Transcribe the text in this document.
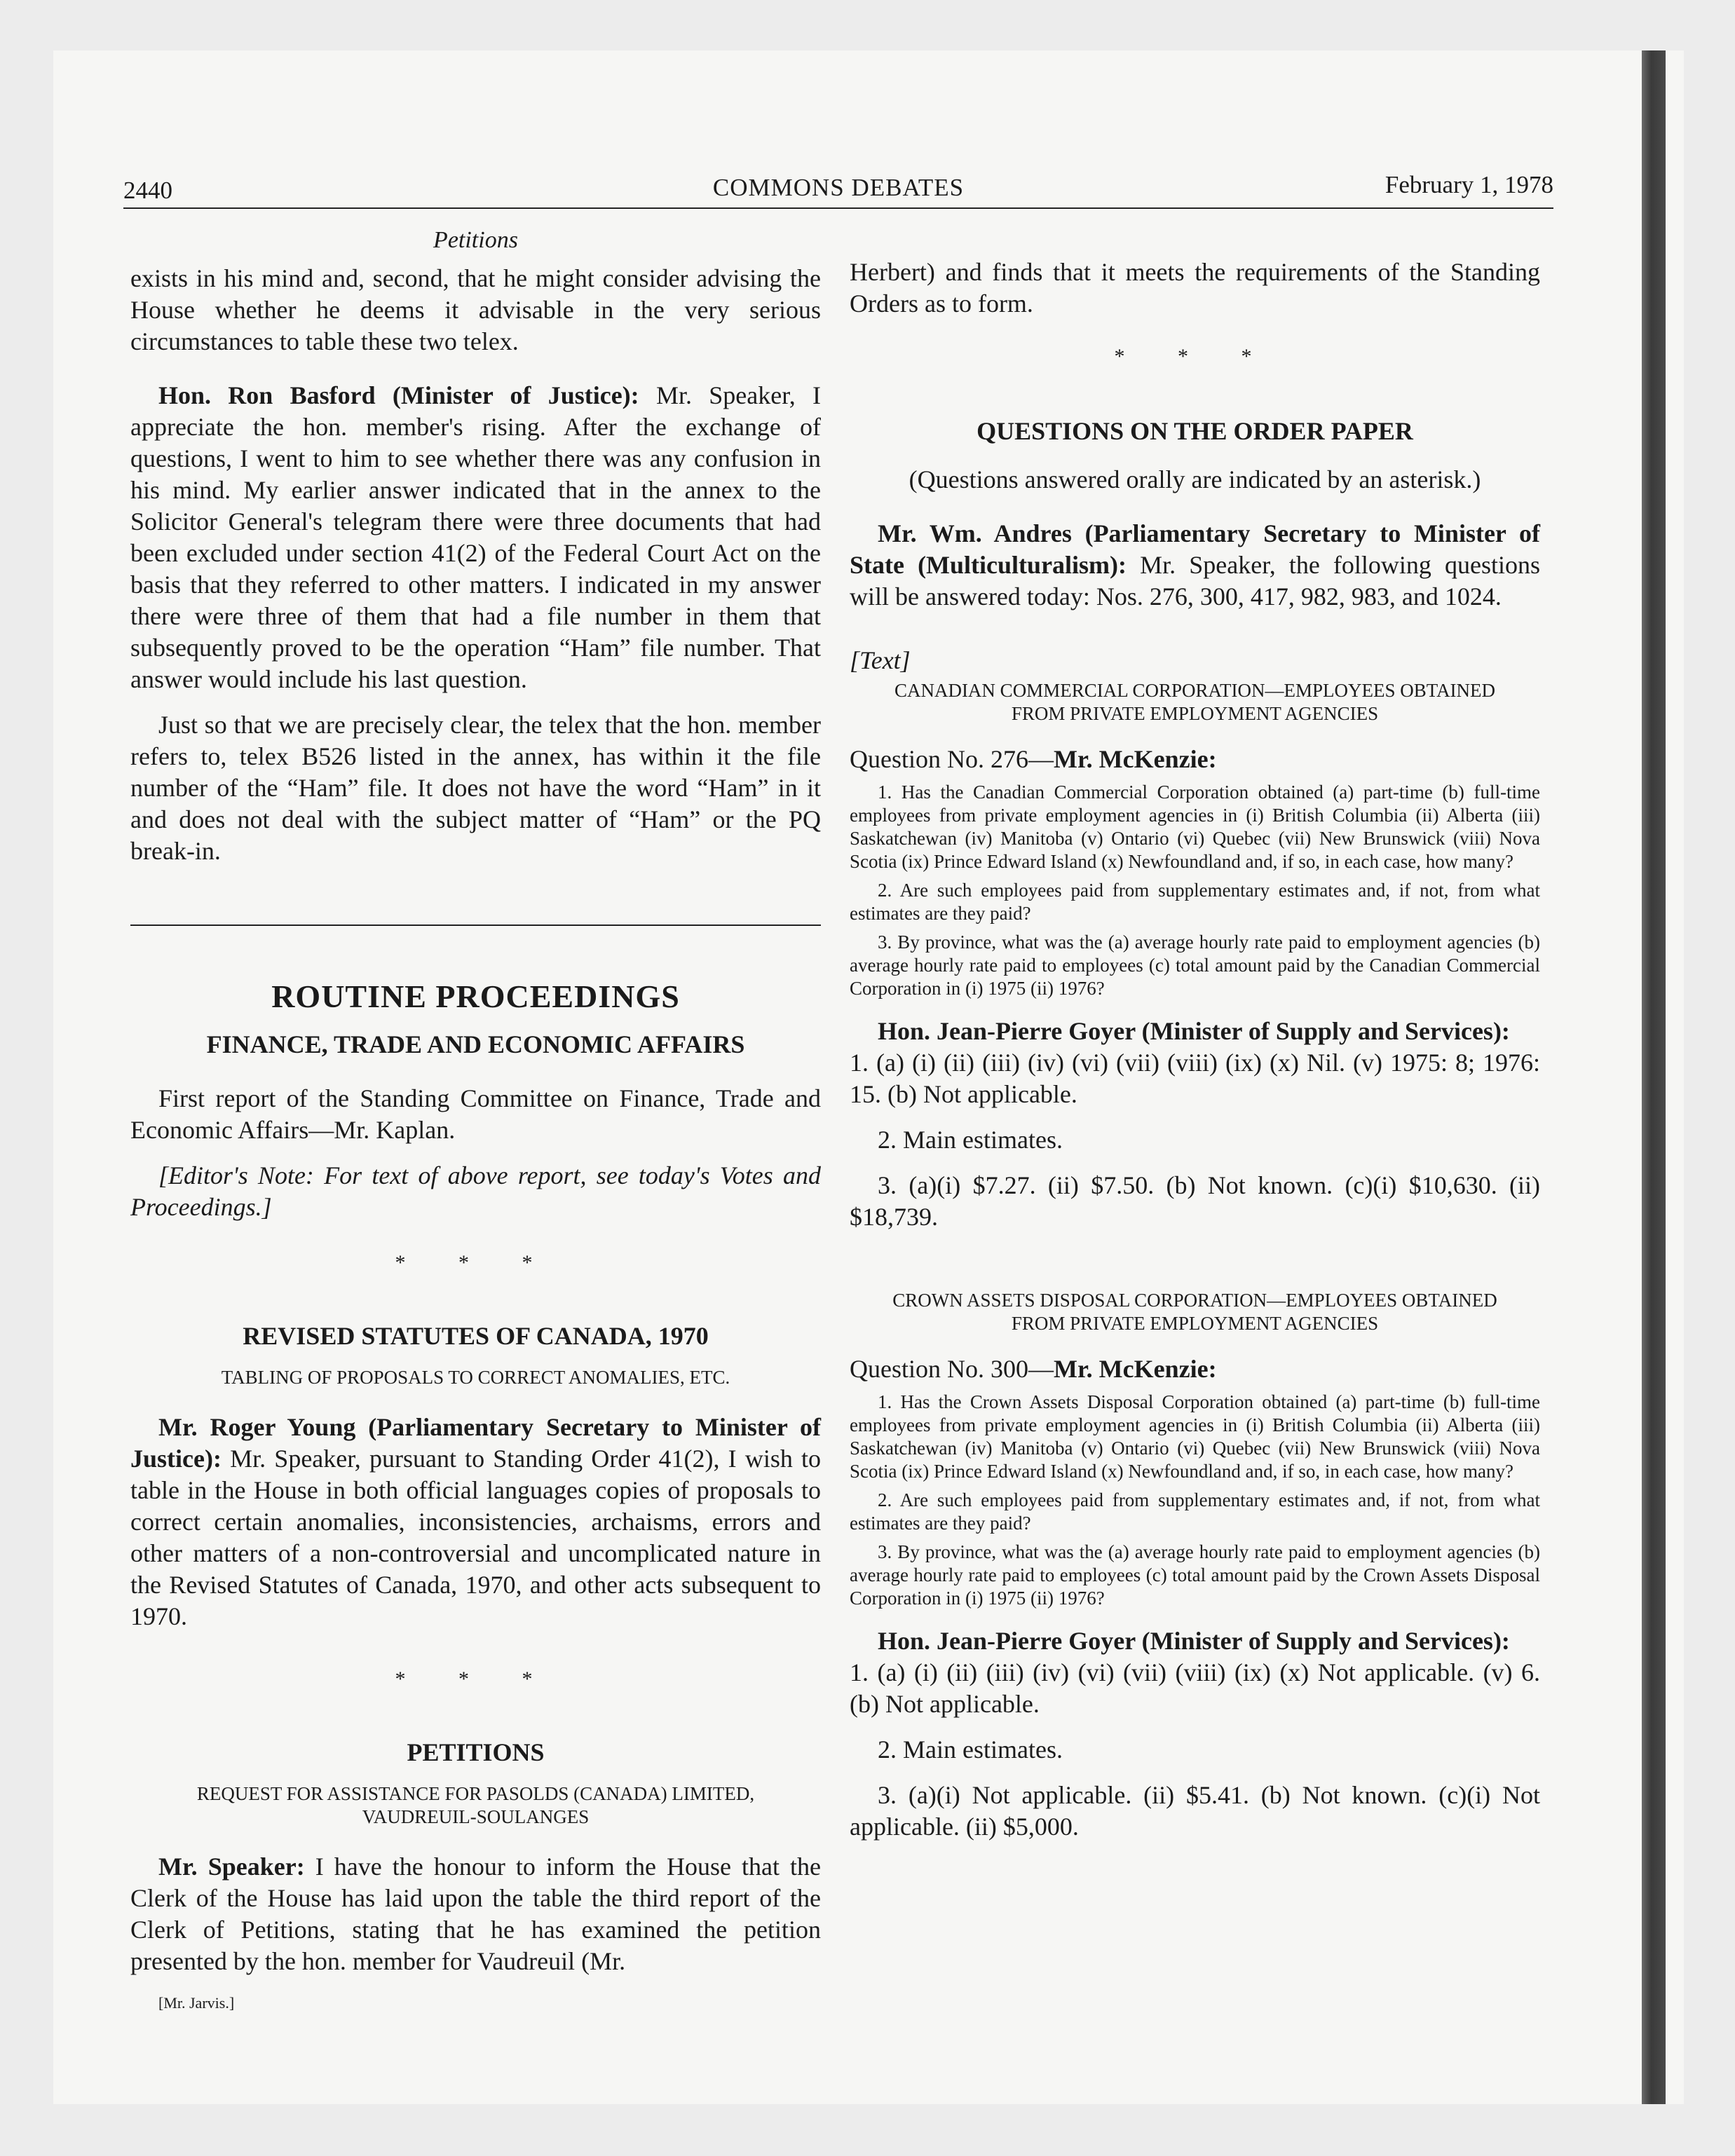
2440	COMMONS DEBATES	February 1, 1978
Petitions

exists in his mind and, second, that he might consider advising the House whether he deems it advisable in the very serious circumstances to table these two telex.

Hon. Ron Basford (Minister of Justice): Mr. Speaker, I appreciate the hon. member's rising. After the exchange of questions, I went to him to see whether there was any confusion in his mind. My earlier answer indicated that in the annex to the Solicitor General's telegram there were three documents that had been excluded under section 41(2) of the Federal Court Act on the basis that they referred to other matters. I indicated in my answer there were three of them that had a file number in them that subsequently proved to be the operation “Ham” file number. That answer would include his last question.

Just so that we are precisely clear, the telex that the hon. member refers to, telex B526 listed in the annex, has within it the file number of the “Ham” file. It does not have the word “Ham” in it and does not deal with the subject matter of “Ham” or the PQ break-in.

ROUTINE PROCEEDINGS
FINANCE, TRADE AND ECONOMIC AFFAIRS

First report of the Standing Committee on Finance, Trade and Economic Affairs—Mr. Kaplan.

[Editor's Note: For text of above report, see today's Votes and Proceedings.]

* * *
REVISED STATUTES OF CANADA, 1970
TABLING OF PROPOSALS TO CORRECT ANOMALIES, ETC.

Mr. Roger Young (Parliamentary Secretary to Minister of Justice): Mr. Speaker, pursuant to Standing Order 41(2), I wish to table in the House in both official languages copies of proposals to correct certain anomalies, inconsistencies, archaisms, errors and other matters of a non-controversial and uncomplicated nature in the Revised Statutes of Canada, 1970, and other acts subsequent to 1970.

* * *
PETITIONS
REQUEST FOR ASSISTANCE FOR PASOLDS (CANADA) LIMITED, VAUDREUIL-SOULANGES

Mr. Speaker: I have the honour to inform the House that the Clerk of the House has laid upon the table the third report of the Clerk of Petitions, stating that he has examined the petition presented by the hon. member for Vaudreuil (Mr.

[Mr. Jarvis.]

Herbert) and finds that it meets the requirements of the Standing Orders as to form.

* * *
QUESTIONS ON THE ORDER PAPER
(Questions answered orally are indicated by an asterisk.)

Mr. Wm. Andres (Parliamentary Secretary to Minister of State (Multiculturalism): Mr. Speaker, the following questions will be answered today: Nos. 276, 300, 417, 982, 983, and 1024.

[Text]
CANADIAN COMMERCIAL CORPORATION—EMPLOYEES OBTAINED FROM PRIVATE EMPLOYMENT AGENCIES
Question No. 276—Mr. McKenzie:

1. Has the Canadian Commercial Corporation obtained (a) part-time (b) full-time employees from private employment agencies in (i) British Columbia (ii) Alberta (iii) Saskatchewan (iv) Manitoba (v) Ontario (vi) Quebec (vii) New Brunswick (viii) Nova Scotia (ix) Prince Edward Island (x) Newfoundland and, if so, in each case, how many?

2. Are such employees paid from supplementary estimates and, if not, from what estimates are they paid?

3. By province, what was the (a) average hourly rate paid to employment agencies (b) average hourly rate paid to employees (c) total amount paid by the Canadian Commercial Corporation in (i) 1975 (ii) 1976?

Hon. Jean-Pierre Goyer (Minister of Supply and Services):

1. (a) (i) (ii) (iii) (iv) (vi) (vii) (viii) (ix) (x) Nil. (v) 1975: 8; 1976: 15. (b) Not applicable.

2. Main estimates.

3. (a)(i) $7.27. (ii) $7.50. (b) Not known. (c)(i) $10,630. (ii) $18,739.

CROWN ASSETS DISPOSAL CORPORATION—EMPLOYEES OBTAINED FROM PRIVATE EMPLOYMENT AGENCIES
Question No. 300—Mr. McKenzie:

1. Has the Crown Assets Disposal Corporation obtained (a) part-time (b) full-time employees from private employment agencies in (i) British Columbia (ii) Alberta (iii) Saskatchewan (iv) Manitoba (v) Ontario (vi) Quebec (vii) New Brunswick (viii) Nova Scotia (ix) Prince Edward Island (x) Newfoundland and, if so, in each case, how many?

2. Are such employees paid from supplementary estimates and, if not, from what estimates are they paid?

3. By province, what was the (a) average hourly rate paid to employment agencies (b) average hourly rate paid to employees (c) total amount paid by the Crown Assets Disposal Corporation in (i) 1975 (ii) 1976?

Hon. Jean-Pierre Goyer (Minister of Supply and Services):

1. (a) (i) (ii) (iii) (iv) (vi) (vii) (viii) (ix) (x) Not applicable. (v) 6. (b) Not applicable.

2. Main estimates.

3. (a)(i) Not applicable. (ii) $5.41. (b) Not known. (c)(i) Not applicable. (ii) $5,000.
